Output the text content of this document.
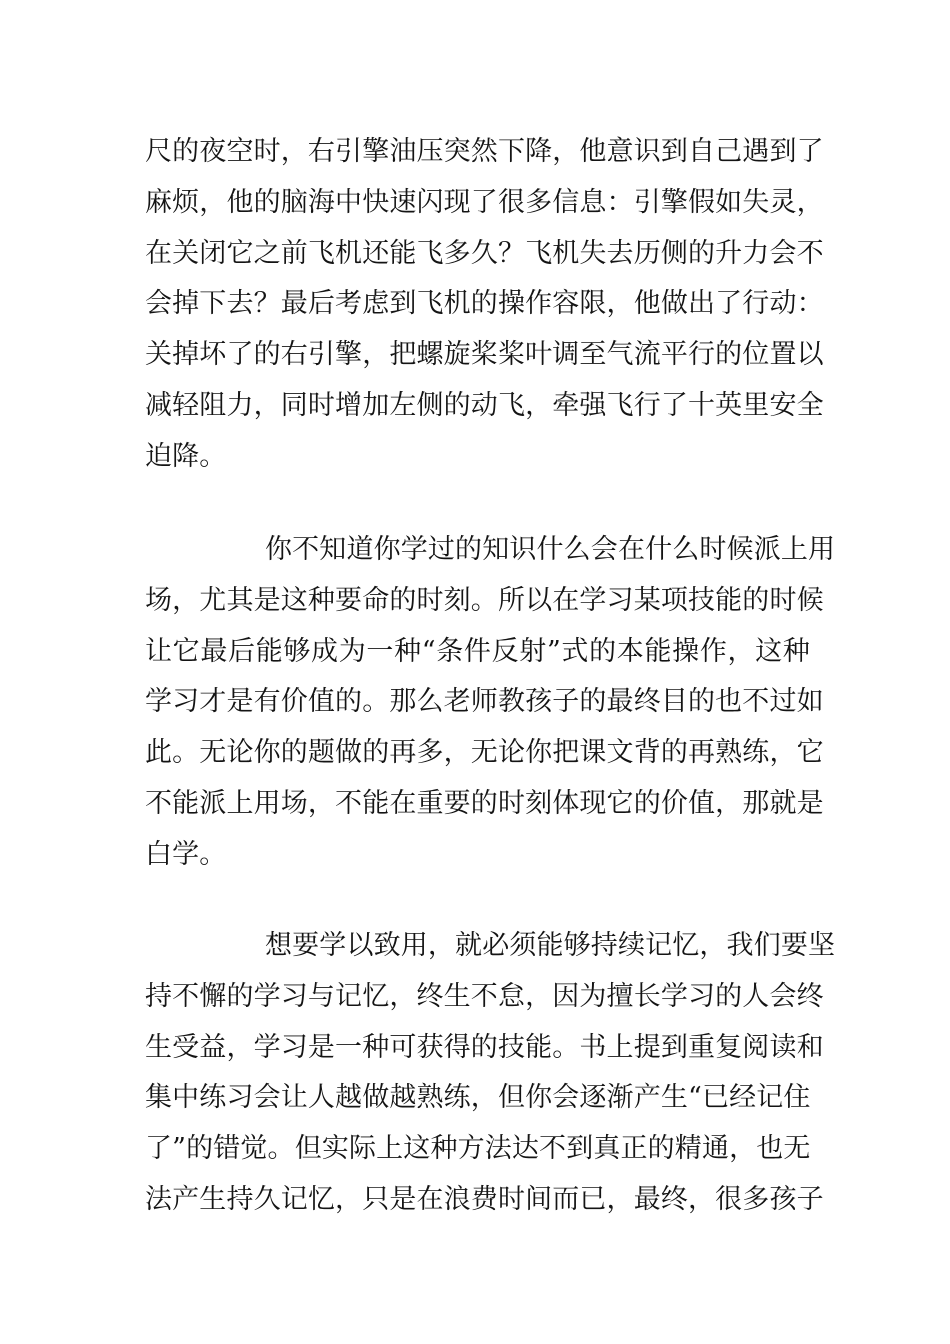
尺的夜空时，右引擎油压突然下降，他意识到自己遇到了
麻烦，他的脑海中快速闪现了很多信息：引擎假如失灵，
在关闭它之前飞机还能飞多久？飞机失去历侧的升力会不
会掉下去？最后考虑到飞机的操作容限，他做出了行动：
关掉坏了的右引擎，把螺旋桨桨叶调至气流平行的位置以
减轻阻力，同时增加左侧的动飞，牵强飞行了十英里安全
迫降。

你不知道你学过的知识什么会在什么时候派上用
场，尤其是这种要命的时刻。所以在学习某项技能的时候
让它最后能够成为一种“条件反射”式的本能操作，这种
学习才是有价值的。那么老师教孩子的最终目的也不过如
此。无论你的题做的再多，无论你把课文背的再熟练，它
不能派上用场，不能在重要的时刻体现它的价值，那就是
白学。

想要学以致用，就必须能够持续记忆，我们要坚
持不懈的学习与记忆，终生不怠，因为擅长学习的人会终
生受益，学习是一种可获得的技能。书上提到重复阅读和
集中练习会让人越做越熟练，但你会逐渐产生“已经记住
了”的错觉。但实际上这种方法达不到真正的精通，也无
法产生持久记忆，只是在浪费时间而已，最终，很多孩子
